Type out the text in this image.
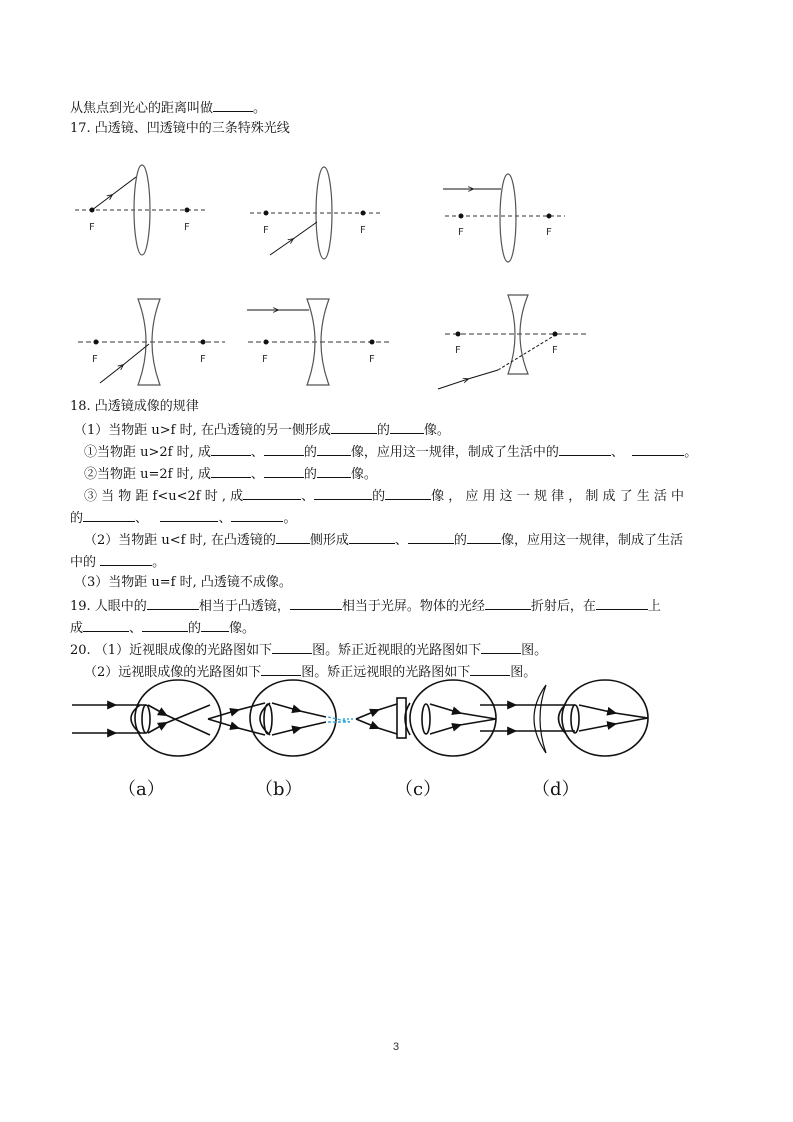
从焦点到光心的距离叫做	。
17. 凸透镜、凹透镜中的三条特殊光线
F	F	F	F	F	F
F	F	F	F
F	F
18. 凸透镜成像的规律
（1）当物距 u>f 时, 在凸透镜的另一侧形成	的	像。
①当物距 u>2f 时, 成	、	的	像，应用这一规律，制成了生活中的	、	。
②当物距 u=2f 时, 成	、	的	像。
③ 当 物 距 f<u<2f 时 , 成	、	的	像 ， 应 用 这 一 规 律 ， 制 成 了 生 活 中
的	、	、	。
（2）当物距 u<f 时, 在凸透镜的	侧形成	、	的	像，应用这一规律，制成了生活
中的	。
（3）当物距 u=f 时, 凸透镜不成像。
19. 人眼中的	相当于凸透镜，	相当于光屏。物体的光经	折射后，在	上
成	、	的 像。
20. （1）近视眼成像的光路图如下	图。矫正近视眼的光路图如下	图。
（2）远视眼成像的光路图如下	图。矫正远视眼的光路图如下	图。
（a）	（b）	（c）	（d）
3
